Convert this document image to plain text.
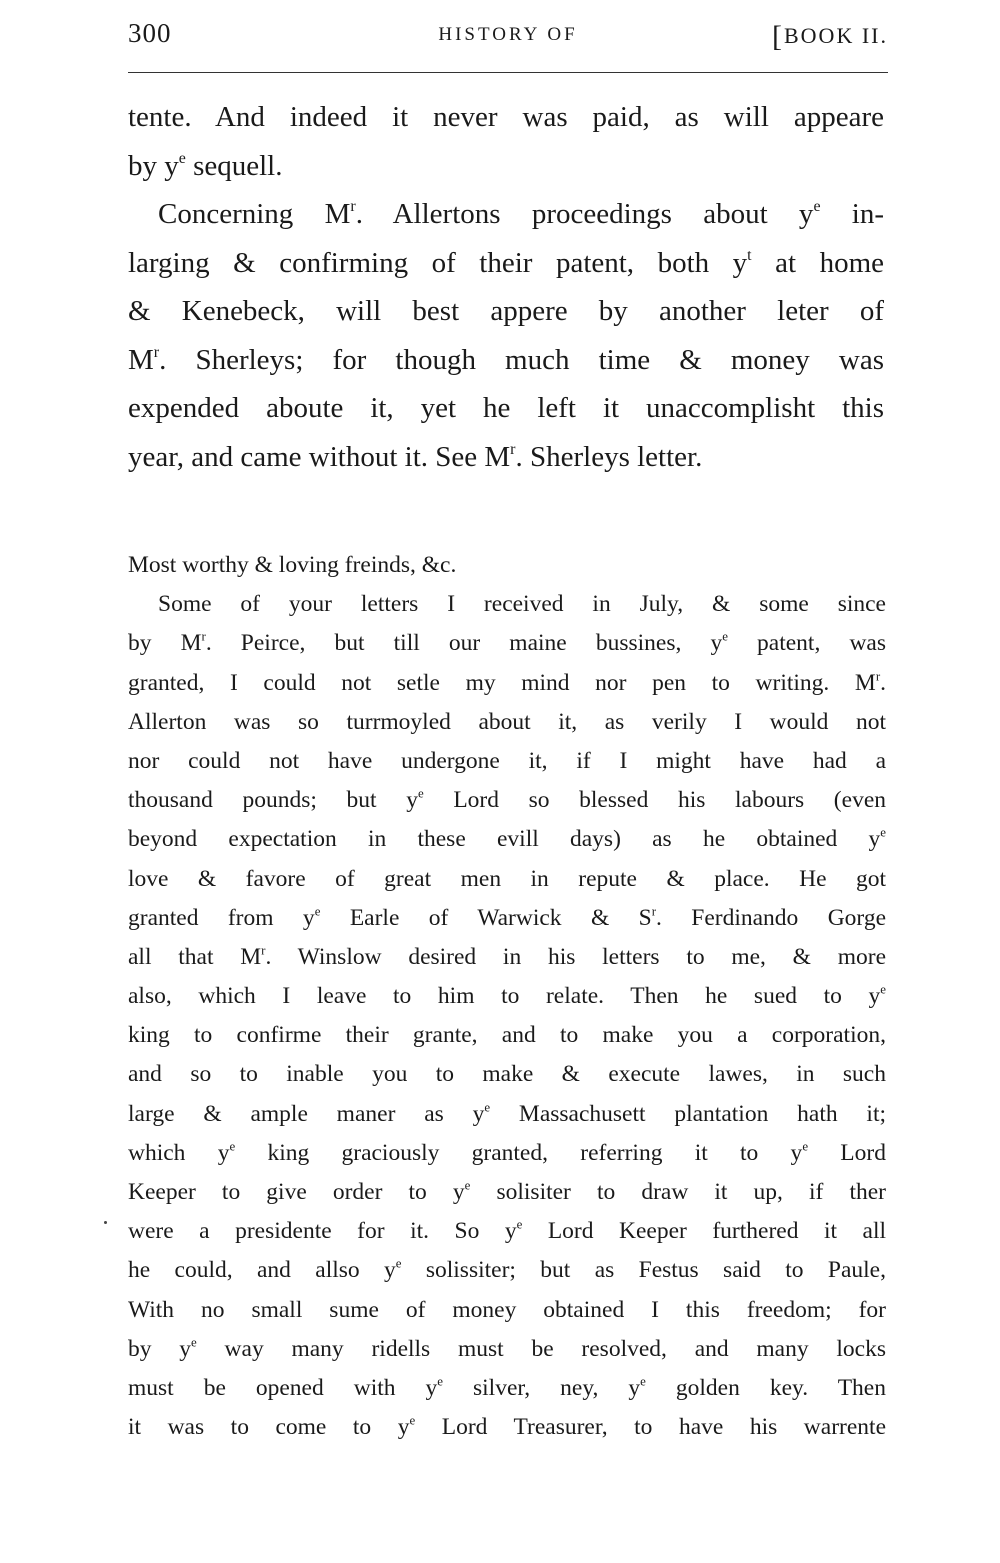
300	HISTORY OF	[BOOK II.
tente. And indeed it never was paid, as will appeare
by $y^e$ sequell.
Concerning $M^r$. Allertons proceedings about $y^e$ in-
larging & confirming of their patent, both $y^t$ at home
& Kenebeck, will best appere by another leter of
$M^r$. Sherleys; for though much time & money was
expended aboute it, yet he left it unaccomplisht this
year, and came without it. See $M^r$. Sherleys letter.
Most worthy & loving freinds, &c.
Some of your letters I received in July, & some since
by $M^r$. Peirce, but till our maine bussines, $y^e$ patent, was
granted, I could not setle my mind nor pen to writing. $M^r$.
Allerton was so turrmoyled about it, as verily I would not
nor could not have undergone it, if I might have had a
thousand pounds; but $y^e$ Lord so blessed his labours (even
beyond expectation in these evill days) as he obtained $y^e$
love & favore of great men in repute & place. He got
granted from $y^e$ Earle of Warwick & $S^r$. Ferdinando Gorge
all that $M^r$. Winslow desired in his letters to me, & more
also, which I leave to him to relate. Then he sued to $y^e$
king to confirme their grante, and to make you a corporation,
and so to inable you to make & execute lawes, in such
large & ample maner as $y^e$ Massachusett plantation hath it;
which $y^e$ king graciously granted, referring it to $y^e$ Lord
Keeper to give order to $y^e$ solisiter to draw it up, if ther
were a presidente for it. So $y^e$ Lord Keeper furthered it all
he could, and allso $y^e$ solissiter; but as Festus said to Paule,
With no small sume of money obtained I this freedom; for
by $y^e$ way many ridells must be resolved, and many locks
must be opened with $y^e$ silver, ney, $y^e$ golden key. Then
it was to come to $y^e$ Lord Treasurer, to have his warrente
